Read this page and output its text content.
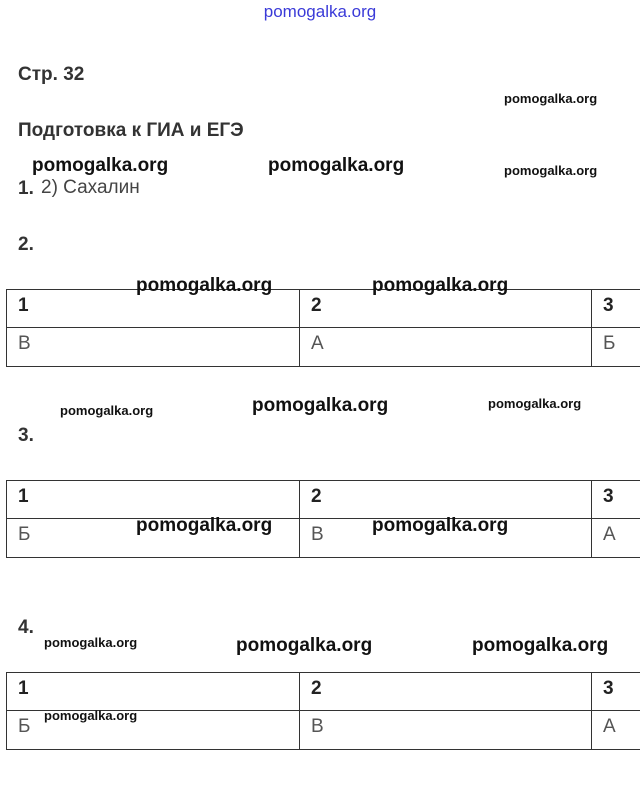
pomogalka.org
Стр. 32
Подготовка к ГИА и ЕГЭ
1. 2) Сахалин
2.
1	2	3
В	А	Б
3.
1	2	3
Б	В	А
4.
1	2	3
Б	В	А
pomogalka.org
pomogalka.org	pomogalka.org	pomogalka.org
pomogalka.org	pomogalka.org
pomogalka.org	pomogalka.org	pomogalka.org
pomogalka.org	pomogalka.org
pomogalka.org	pomogalka.org	pomogalka.org
pomogalka.org
